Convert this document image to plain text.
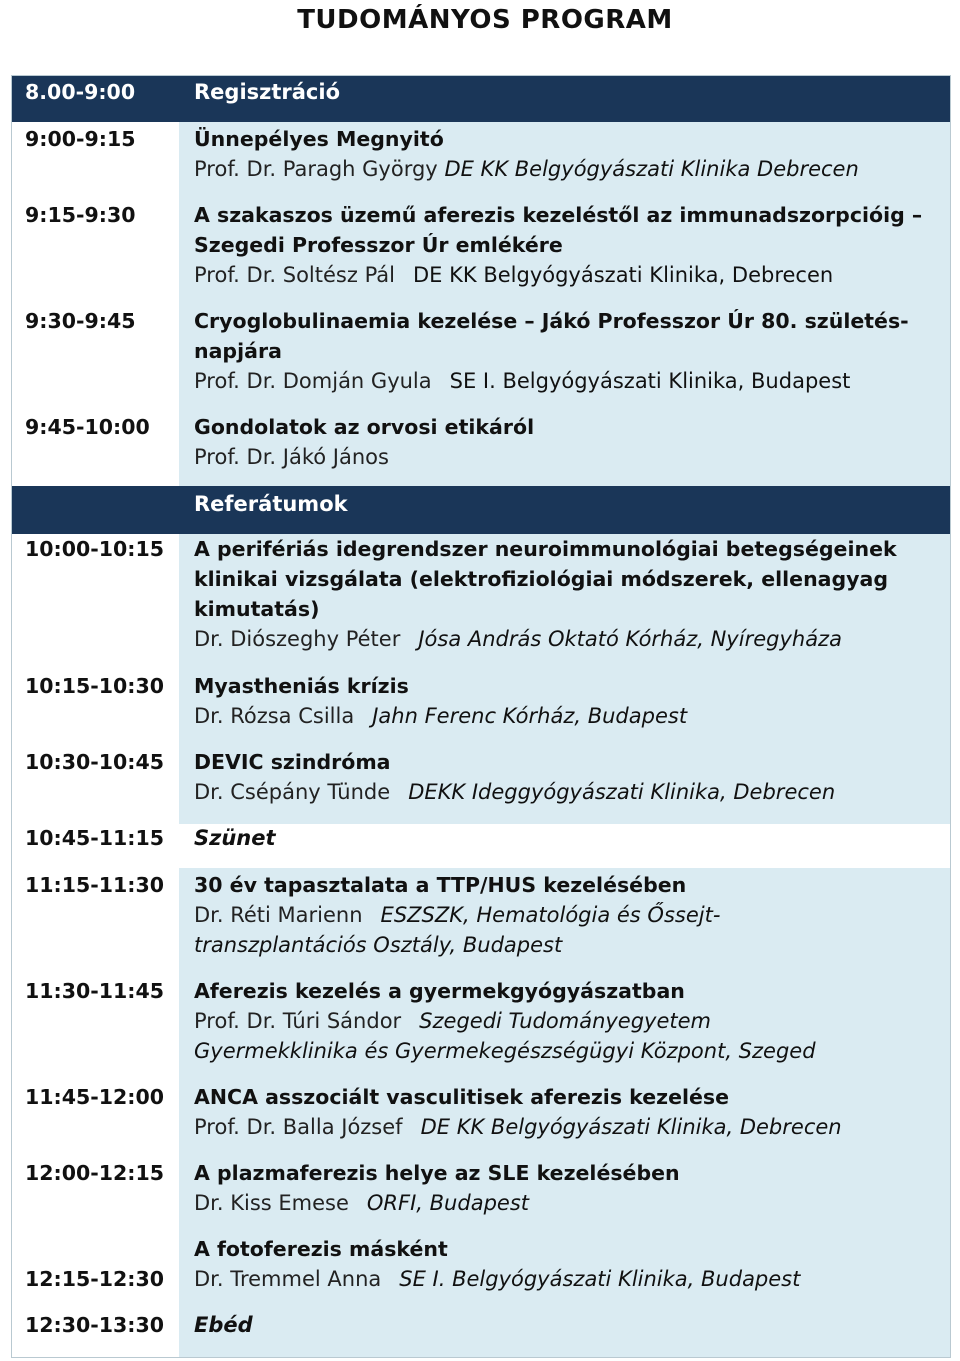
TUDOMÁNYOS PROGRAM
8.00-9:00	Regisztráció
9:00-9:15	Ünnepélyes Megnyitó
Prof. Dr. Paragh György DE KK Belgyógyászati Klinika Debrecen
9:15-9:30	A szakaszos üzemű aferezis kezeléstől az immunadszorpcióig –
Szegedi Professzor Úr emlékére
Prof. Dr. Soltész Pál DE KK Belgyógyászati Klinika, Debrecen
9:30-9:45	Cryoglobulinaemia kezelése – Jákó Professzor Úr 80. születés-
napjára
Prof. Dr. Domján Gyula SE I. Belgyógyászati Klinika, Budapest
9:45-10:00 Gondolatok az orvosi etikáról
Prof. Dr. Jákó János
Referátumok
10:00-10:15 A perifériás idegrendszer neuroimmunológiai betegségeinek
klinikai vizsgálata (elektrofiziológiai módszerek, ellenagyag
kimutatás)
Dr. Diószeghy Péter Jósa András Oktató Kórház, Nyíregyháza
10:15-10:30 Myastheniás krízis
Dr. Rózsa Csilla Jahn Ferenc Kórház, Budapest
10:30-10:45 DEVIC szindróma
Dr. Csépány Tünde DEKK Ideggyógyászati Klinika, Debrecen
10:45-11:15 Szünet
11:15-11:30 30 év tapasztalata a TTP/HUS kezelésében
Dr. Réti Marienn ESZSZK, Hematológia és Őssejt-
transzplantációs Osztály, Budapest
11:30-11:45 Aferezis kezelés a gyermekgyógyászatban
Prof. Dr. Túri Sándor Szegedi Tudományegyetem
Gyermekklinika és Gyermekegészségügyi Központ, Szeged
11:45-12:00 ANCA asszociált vasculitisek aferezis kezelése
Prof. Dr. Balla József DE KK Belgyógyászati Klinika, Debrecen
12:00-12:15 A plazmaferezis helye az SLE kezelésében
Dr. Kiss Emese ORFI, Budapest
12:15-12:30
A fotoferezis másként
Dr. Tremmel Anna SE I. Belgyógyászati Klinika, Budapest
12:30-13:30 Ebéd
